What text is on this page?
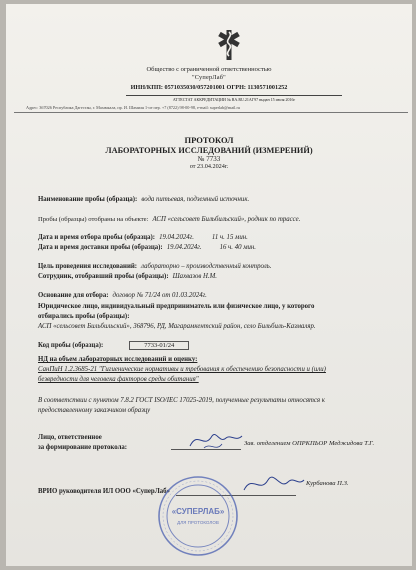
Общество с ограниченной ответственностью
"СуперЛаб"
ИНН/КПП: 0571035030/057201001 ОГРН: 1130571001252
АТТЕСТАТ АККРЕДИТАЦИИ № RA.RU.21АГ97 выдан 15 июля 2016г
Адрес: 367026 Республика Дагестан, г. Махачкала, пр. И. Шамиля 1-ое пер. +7 (8722) 98-00-98, e-mail: superlab@mail.ru
ПРОТОКОЛ
ЛАБОРАТОРНЫХ ИССЛЕДОВАНИЙ (ИЗМЕРЕНИЙ)
№ 7733
от 23.04.2024г.
Наименование пробы (образца): вода питьевая, подземный источник.
Пробы (образцы) отобраны на объекте: АСП «сельсовет Бильбильский», родник по трассе.
Дата и время отбора пробы (образца): 19.04.2024г.	11 ч. 15 мин.
Дата и время доставки пробы (образца): 19.04.2024г.	16 ч. 40 мин.
Цель проведения исследований: лабораторно – производственный контроль.
Сотрудник, отобравший пробы (образцы): Шахвазов Н.М.
Основание для отбора: договор № 71/24 от 01.03.2024г.
Юридическое лицо, индивидуальный предприниматель или физическое лицо, у которого
отбирались пробы (образцы):
АСП «сельсовет Бильбильский», 368796, РД, Магарамкентский район, село Бильбиль-Казмаляр.
Код пробы (образца):	7733-01/24
НД на объем лабораторных исследований и оценку:
СанПиН 1.2.3685-21 "Гигиенические нормативы и требования к обеспечению безопасности и (или)
безвредности для человека факторов среды обитания"
В соответствии с пунктом 7.8.2 ГОСТ ISO/IEC 17025-2019, полученные результаты относятся к
предоставленному заказчиком образцу
Лицо, ответственное
за формирование протокола:
Зав. отделением ОПРКПЬОР Меджидова Т.Г.
ВРИО руководителя ИЛ ООО «СуперЛаб»
Курбанова П.З.
«СУПЕРЛАБ»
ДЛЯ ПРОТОКОЛОВ
